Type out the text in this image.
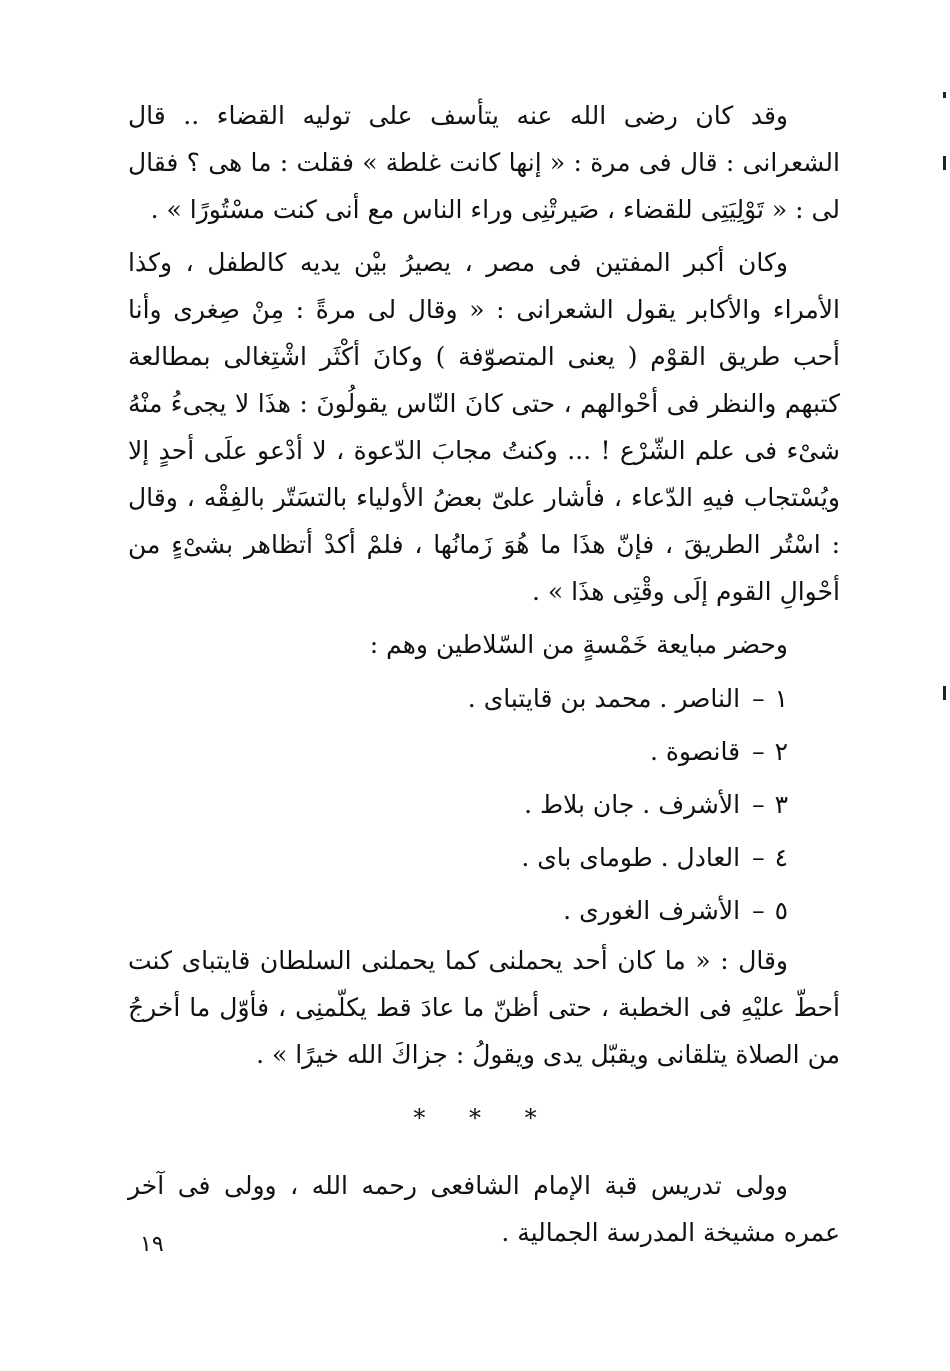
وقد كان رضى الله عنه يتأسف على توليه القضاء .. قال الشعرانى : قال فى مرة : « إنها كانت غلطة » فقلت : ما هى ؟ فقال لى : « تَوْلِيَتِى للقضاء ، صَيرتْنِى وراء الناس مع أنى كنت مسْتُورًا » .

وكان أكبر المفتين فى مصر ، يصيرُ بيْن يديه كالطفل ، وكذا الأمراء والأكابر يقول الشعرانى : « وقال لى مرةً : مِنْ صِغرى وأنا أحب طريق القوْم ( يعنى المتصوّفة ) وكانَ أكْثَر اشْتِغالى بمطالعة كتبهم والنظر فى أحْوالهم ، حتى كانَ النّاس يقولُونَ : هذَا لا يجىءُ منْهُ شىْء فى علم الشّرْع ! ... وكنتُ مجابَ الدّعوة ، لا أدْعو علَى أحدٍ إلا ويُسْتجاب فيهِ الدّعاء ، فأشار علىّ بعضُ الأولياء بالتسَتّر بالفِقْه ، وقال : اسْتُر الطريقَ ، فإنّ هذَا ما هُوَ زَمانُها ، فلمْ أكدْ أتظاهر بشىْءٍ من أحْوالِ القوم إلَى وقْتِى هذَا » .

وحضر مبايعة خَمْسةٍ من السّلاطين وهم :

١–الناصر . محمد بن قايتباى .
٢–قانصوة .
٣–الأشرف . جان بلاط .
٤–العادل . طوماى باى .
٥–الأشرف الغورى .

وقال : « ما كان أحد يحملنى كما يحملنى السلطان قايتباى كنت أحطّ عليْهِ فى الخطبة ، حتى أظنّ ما عادَ قط يكلّمنِى ، فأوّل ما أخرجُ من الصلاة يتلقانى ويقبّل يدى ويقولُ : جزاكَ الله خيرًا » .

* * *

وولى تدريس قبة الإمام الشافعى رحمه الله ، وولى فى آخر عمره مشيخة المدرسة الجمالية .

١٩
